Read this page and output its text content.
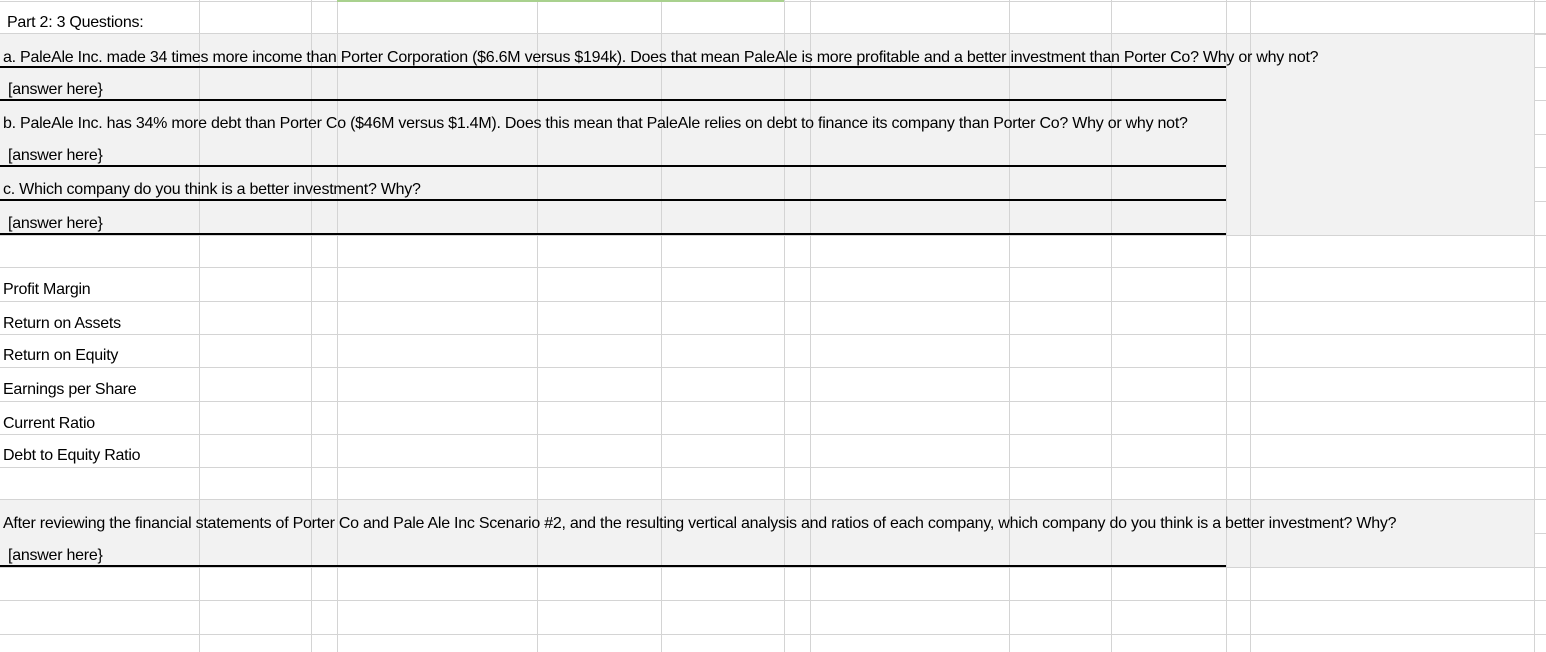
Part 2: 3 Questions:
a. PaleAle Inc. made 34 times more income than Porter Corporation ($6.6M versus $194k). Does that mean PaleAle is more profitable and a better investment than Porter Co? Why or why not?
[answer here}
b. PaleAle Inc. has 34% more debt than Porter Co ($46M versus $1.4M). Does this mean that PaleAle relies on debt to finance its company than Porter Co? Why or why not?
[answer here}
c. Which company do you think is a better investment? Why?
[answer here}
Profit Margin
Return on Assets
Return on Equity
Earnings per Share
Current Ratio
Debt to Equity Ratio
After reviewing the financial statements of Porter Co and Pale Ale Inc Scenario #2, and the resulting vertical analysis and ratios of each company, which company do you think is a better investment? Why?
[answer here}
